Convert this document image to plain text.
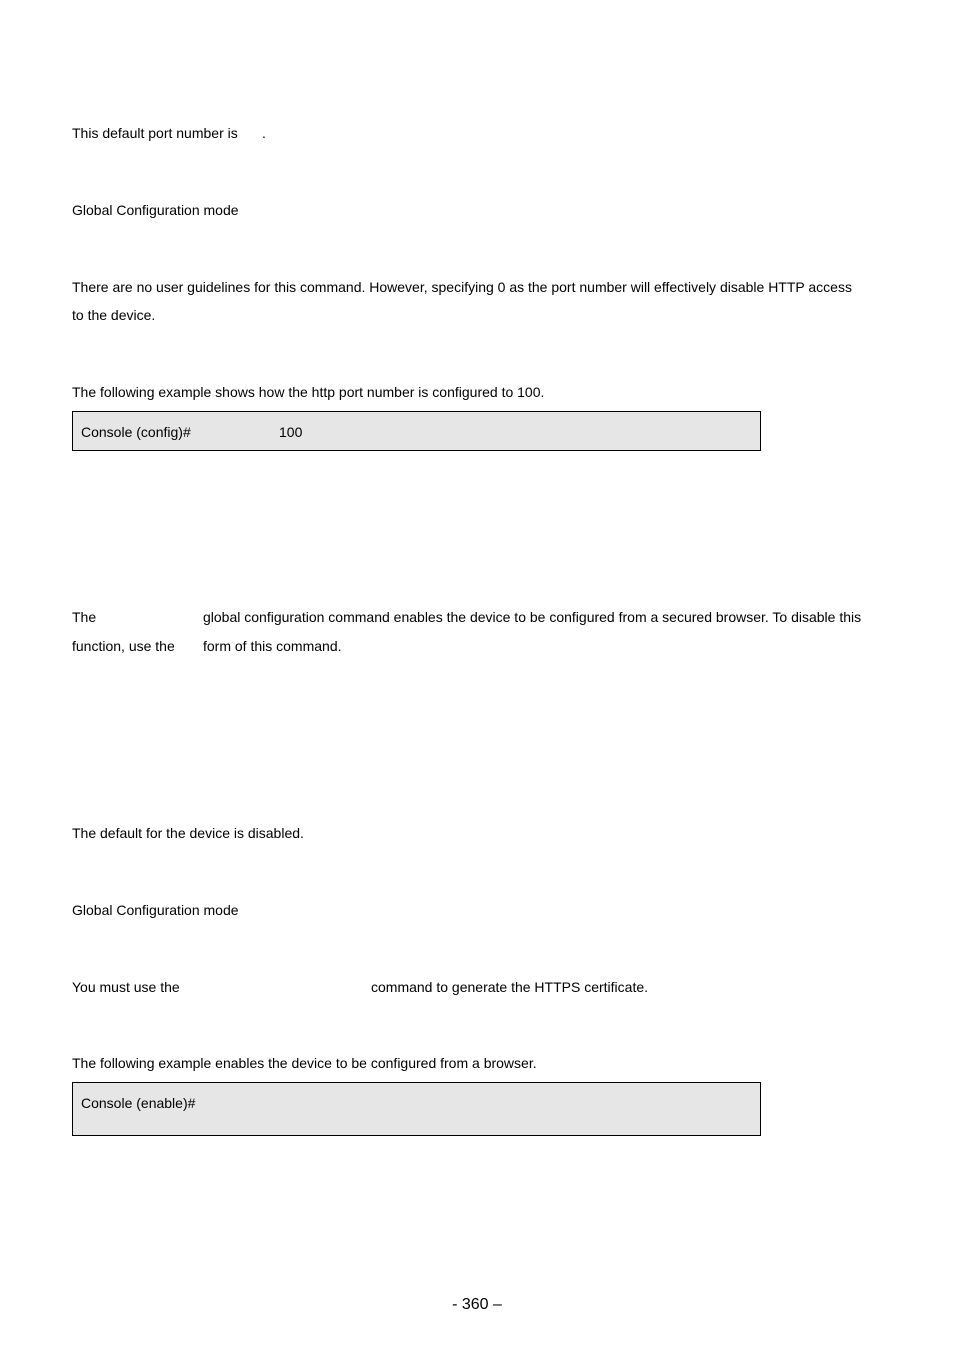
This default port number is .
Global Configuration mode
There are no user guidelines for this command. However, specifying 0 as the port number will effectively disable HTTP access
to the device.
The following example shows how the http port number is configured to 100.
Console (config)#	100
The	global configuration command enables the device to be configured from a secured browser. To disable this
function, use the form of this command.
The default for the device is disabled.
Global Configuration mode
You must use the	command to generate the HTTPS certificate.
The following example enables the device to be configured from a browser.
Console (enable)#
- 360 –
